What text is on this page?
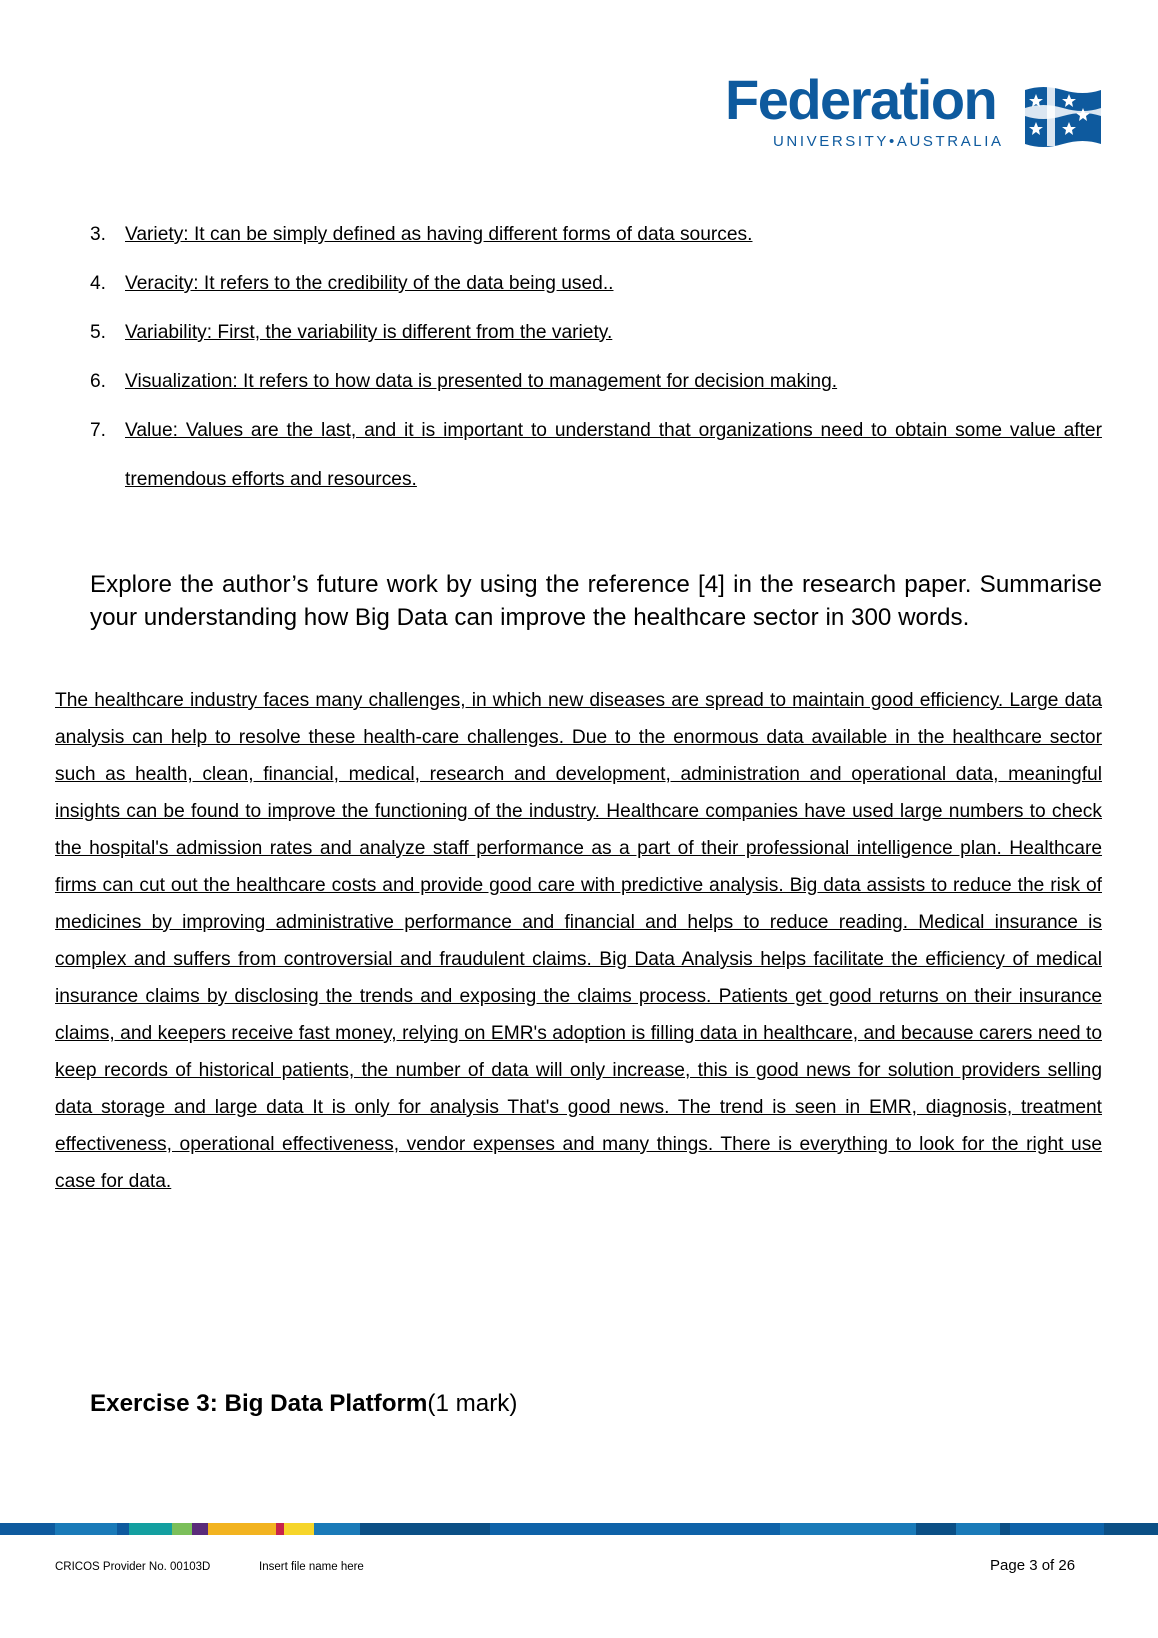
Federation
UNIVERSITY•AUSTRALIA
3. Variety: It can be simply defined as having different forms of data sources.
4. Veracity: It refers to the credibility of the data being used..
5. Variability: First, the variability is different from the variety.
6. Visualization: It refers to how data is presented to management for decision making.
7. Value: Values are the last, and it is important to understand that organizations need to obtain some value after tremendous efforts and resources.
Explore the author’s future work by using the reference [4] in the research paper. Summarise your understanding how Big Data can improve the healthcare sector in 300 words.
The healthcare industry faces many challenges, in which new diseases are spread to maintain good efficiency. Large data analysis can help to resolve these health-care challenges. Due to the enormous data available in the healthcare sector such as health, clean, financial, medical, research and development, administration and operational data, meaningful insights can be found to improve the functioning of the industry. Healthcare companies have used large numbers to check the hospital's admission rates and analyze staff performance as a part of their professional intelligence plan. Healthcare firms can cut out the healthcare costs and provide good care with predictive analysis. Big data assists to reduce the risk of medicines by improving administrative performance and financial and helps to reduce reading. Medical insurance is complex and suffers from controversial and fraudulent claims. Big Data Analysis helps facilitate the efficiency of medical insurance claims by disclosing the trends and exposing the claims process. Patients get good returns on their insurance claims, and keepers receive fast money, relying on EMR's adoption is filling data in healthcare, and because carers need to keep records of historical patients, the number of data will only increase, this is good news for solution providers selling data storage and large data It is only for analysis That's good news. The trend is seen in EMR, diagnosis, treatment effectiveness, operational effectiveness, vendor expenses and many things. There is everything to look for the right use case for data.
Exercise 3: Big Data Platform(1 mark)
CRICOS Provider No. 00103D	Insert file name here	Page 3 of 26
